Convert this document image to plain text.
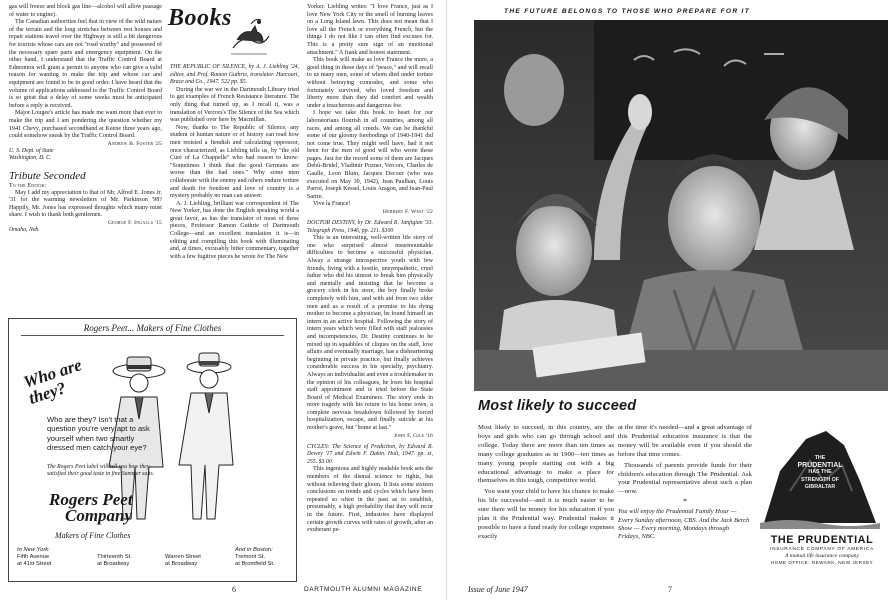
gas will freeze and block gas line—alcohol will allow passage of water to engine).

The Canadian authorities feel that in view of the wild nature of the terrain and the long stretches between rest houses and repair stations travel over the Highway is still a bit dangerous for tourists whose cars are not "road worthy" and possessed of the necessary spare parts and emergency equipment. On the other hand, I understand that the Traffic Control Board at Edmonton will grant a permit to anyone who can give a valid reason for wanting to make the trip and whose car and equipment are found to be in good order. I have heard that the volume of applications addressed to the Traffic Control Board is so great that a delay of some weeks must be anticipated before a reply is received.

Major Lougee's article has made me want more than ever to make the trip and I am pondering the question whether my 1941 Chevy, purchased secondhand at Keene three years ago, could somehow sneak by the Traffic Control Board.

Andrew B. Foster '25
U. S. Dept. of State
Washington, D. C.
Tribute Seconded
To the Editor:

May I add my appreciation to that of Mr. Alfred E. Jones Jr. '31 for the warming newsletters of Mr. Parkinson '98? Happily, Mr. Jones has expressed thoughts which many must share. I wish to thank both gentlemen.

George F. Ingalls '15
Omaha, Neb.
Books

THE REPUBLIC OF SILENCE, by A. J. Liebling '24, editor, and Prof. Ramon Guthrie, translator. Harcourt, Brace and Co., 1947. 522 pp. $5.

During the war we in the Dartmouth Library tried to get examples of French Resistance literature. The only thing that turned up, as I recall it, was a translation of Vercors's The Silence of the Sea which was published over here by Macmillan.

Now, thanks to The Republic of Silence, any student of human nature or of history can read how men resisted a fiendish and calculating oppressor, once characterized, as Liebling tells us, by "the old Curé of La Chappelle" who had reason to know: "Sometimes I think that the good Germans are worse than the bad ones." Why some men collaborate with the enemy and others endure torture and death for freedom and love of country is a mystery probably no man can answer.

A. J. Liebling, brilliant war correspondent of The New Yorker, has done the English speaking world a great favor, as has the translator of most of these pieces, Professor Ramon Guthrie of Dartmouth College—and an excellent translation it is—in editing and compiling this book with illuminating and, at times, excusably bitter commentary, together with a few fugitive pieces he wrote for The New

Yorker. Liebling writes: "I love France, just as I love New York City or the smell of burning leaves on a Long Island lawn. This does not mean that I love all the French or everything French, but the things I do not like I can often find excuses for. This is a pretty sure sign of an emotional attachment." A frank and honest statement.

This book will make us love France the more, a good thing in these days of "peace," and will recall to us many men, some of whom died under torture without betraying comrades, and some who fortunately survived, who loved freedom and liberty more than they did comfort and wealth under a treacherous and dangerous foe.

I hope we take this book to heart for our laboratorians flourish in all countries, among all races, and among all creeds. We can be thankful some of our gloomy forebodings of 1940-1941 did not come true. They might well have, had it not been for the men of good will who wrote these pages. Just for the record some of them are Jacques Debû-Bridel, Vladimir Pozner, Vercors, Charles de Gaulle, Leon Blum, Jacques Decour (who was executed on May 30, 1942), Jean Paulhan, Louis Parrot, Joseph Kessel, Louis Aragon, and Jean-Paul Sartre.

Vive la France!

Herbert F. West '22

DOCTOR DESTINY, by Dr. Edward R. Janjigian '33. Telegraph Press, 1946, pp. 211. $300

This is an interesting, well-written life story of one who surprised almost insurmountable difficulties to become a successful physician. Alway a strange introspective youth with few friends, living with a hostile, unsympathetic, cruel father who did his utmost to break him physically and mentally and insisting that he become a grocery clerk in his store, the boy finally broke completely with him, and with aid from two older men and as a result of a promise to his dying mother to become a physician, he found himself an intern in an active hospital. Following the story of intern years which were filled with staff jealousies and incompetencies, Dr. Destiny continues to be mixed up in squabbles of cliques on the staff, love affairs and eventually marriage, has a disheartening beginning in private practice, but finally achieves considerable success in his specialty, psychiatry. Always an individualist and even a troublemaker in the opinion of his colleagues, he loses his hospital staff appointment and is tried before the State Board of Medical Examiners. The story ends in more tragedy with his return to his home town, a complete nervous breakdown followed by forced hospitalization, escape, and finally suicide at his mother's grave, but "home at last."

John F. Gile '16

CYCLES: The Science of Prediction, by Edward R. Dewey '17 and Edwin F. Dakin. Holt, 1947. pp. xi, 255. $3.00.

This ingenious and highly readable book sets the members of the dismal science to rights, but without relieving their gloom. It lists some sixteen conclusions on trends and cycles which have been repeated so often in the past as to establish, presumably, a high probability that they will recur in the future. First, industries have displayed certain growth curves with rates of growth, after an exuberant pe-

Rogers Peet... Makers of Fine Clothes
Who are they?
Who are they? Isn't that a question you're very apt to ask yourself when two smartly dressed men catch your eye?
The Rogers Peet label will tell you how they satisfied their good taste in fine Summer suits.
Rogers Peet
Company
Makers of Fine Clothes
In New York:
Fifth Avenue
at 41st Street
Thirteenth St.
at Broadway
Warren Street
at Broadway
And in Boston:
Tremont St.
at Bromfield St.
6	DARTMOUTH ALUMNI MAGAZINE
THE FUTURE BELONGS TO THOSE WHO PREPARE FOR IT
Most likely to succeed

Most likely to succeed, in this country, are the boys and girls who can go through school and college. Today there are more than ten times as many college graduates as in 1900—ten times as many young people starting out with a big educational advantage to make a place for themselves in this tough, competitive world.

You want your child to have his chance to make his life successful—and it is much easier to be sure there will be money for his education if you plan it the Prudential way. Prudential makes it possible to have a fund ready for college expenses exactly

at the time it's needed—and a great advantage of this Prudential education insurance is that the money will be available even if you should die before that time comes.

Thousands of parents provide funds for their children's education through The Prudential. Ask your Prudential representative about such a plan—now.

*

You will enjoy the Prudential Family Hour — Every Sunday afternoon, CBS. And the Jack Berch Show — Every morning, Mondays through Fridays, NBC.

THE
PRUDENTIAL
HAS THE
STRENGTH OF
GIBRALTAR
THE PRUDENTIAL
INSURANCE COMPANY OF AMERICA
A mutual life insurance company
HOME OFFICE: NEWARK, NEW JERSEY
Issue of June 1947	7
